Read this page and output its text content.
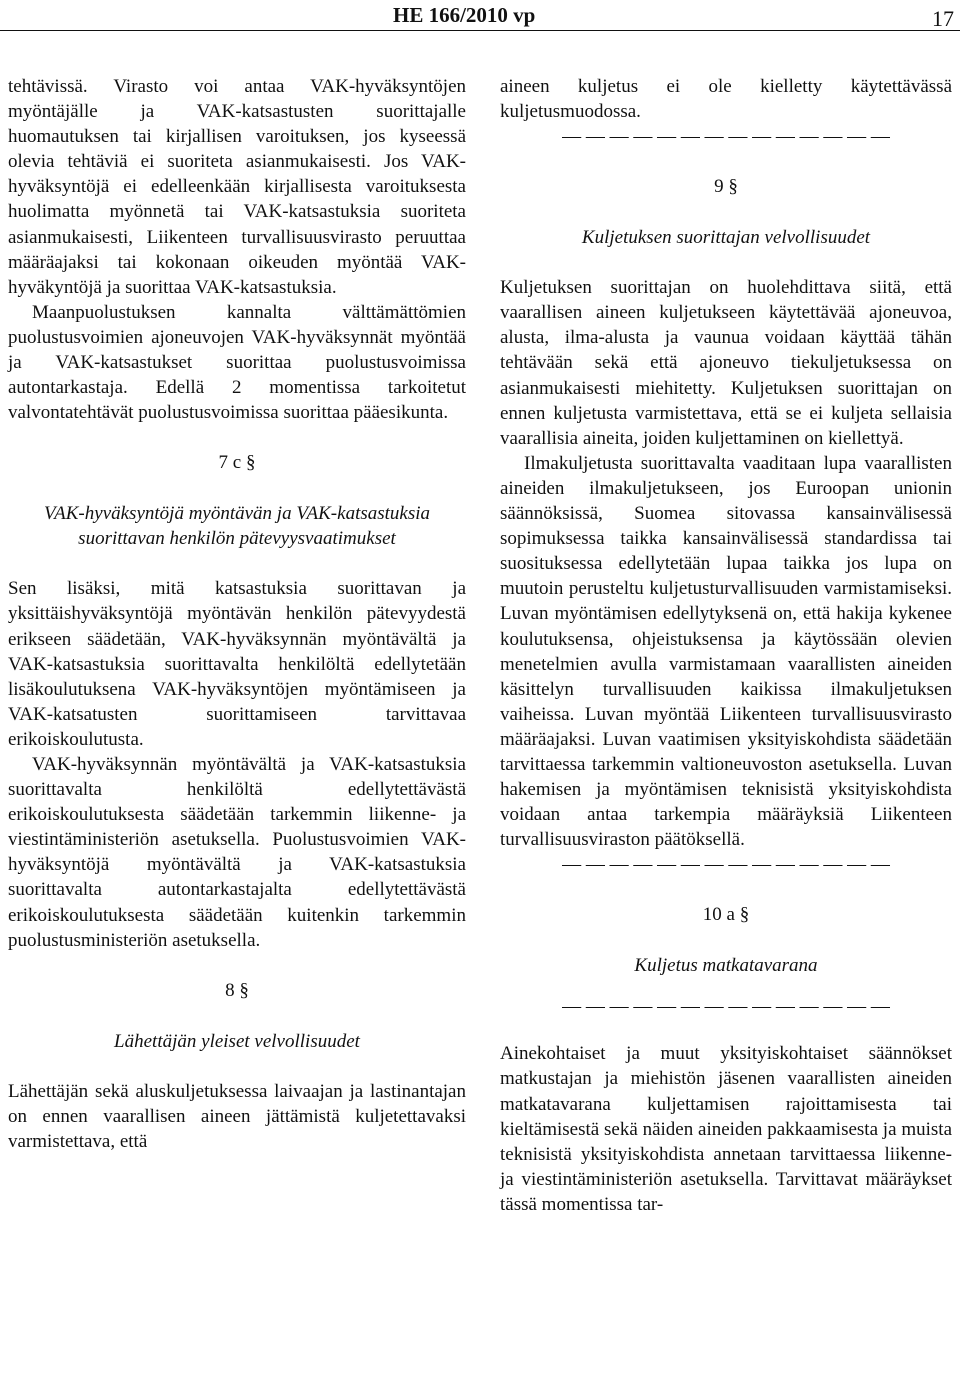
HE 166/2010 vp	17

tehtävissä. Virasto voi antaa VAK-hyväksyntöjen myöntäjälle ja VAK-katsastusten suorittajalle huomautuksen tai kirjallisen varoituksen, jos kyseessä olevia tehtäviä ei suoriteta asianmukaisesti. Jos VAK-hyväksyntöjä ei edelleenkään kirjallisesta varoituksesta huolimatta myönnetä tai VAK-katsastuksia suoriteta asianmukaisesti, Liikenteen turvallisuusvirasto peruuttaa määräajaksi tai kokonaan oikeuden myöntää VAK-hyväkyntöjä ja suorittaa VAK-katsastuksia.

Maanpuolustuksen kannalta välttämättömien puolustusvoimien ajoneuvojen VAK-hyväksynnät myöntää ja VAK-katsastukset suorittaa puolustusvoimissa autontarkastaja. Edellä 2 momentissa tarkoitetut valvontatehtävät puolustusvoimissa suorittaa pääesikunta.

7 c §

VAK-hyväksyntöjä myöntävän ja VAK-katsastuksia suorittavan henkilön pätevyysvaatimukset

Sen lisäksi, mitä katsastuksia suorittavan ja yksittäishyväksyntöjä myöntävän henkilön pätevyydestä erikseen säädetään, VAK-hyväksynnän myöntävältä ja VAK-katsastuksia suorittavalta henkilöltä edellytetään lisäkoulutuksena VAK-hyväksyntöjen myöntämiseen ja VAK-katsatusten suorittamiseen tarvittavaa erikoiskoulutusta.

VAK-hyväksynnän myöntävältä ja VAK-katsastuksia suorittavalta henkilöltä edellytettävästä erikoiskoulutuksesta säädetään tarkemmin liikenne- ja viestintäministeriön asetuksella. Puolustusvoimien VAK-hyväksyntöjä myöntävältä ja VAK-katsastuksia suorittavalta autontarkastajalta edellytettävästä erikoiskoulutuksesta säädetään kuitenkin tarkemmin puolustusministeriön asetuksella.

8 §

Lähettäjän yleiset velvollisuudet

Lähettäjän sekä aluskuljetuksessa laivaajan ja lastinantajan on ennen vaarallisen aineen jättämistä kuljetettavaksi varmistettava, että

aineen kuljetus ei ole kielletty käytettävässä kuljetusmuodossa.

— — — — — — — — — — — — — —

9 §

Kuljetuksen suorittajan velvollisuudet

Kuljetuksen suorittajan on huolehdittava siitä, että vaarallisen aineen kuljetukseen käytettävää ajoneuvoa, alusta, ilma-alusta ja vaunua voidaan käyttää tähän tehtävään sekä että ajoneuvo tiekuljetuksessa on asianmukaisesti miehitetty. Kuljetuksen suorittajan on ennen kuljetusta varmistettava, että se ei kuljeta sellaisia vaarallisia aineita, joiden kuljettaminen on kiellettyä.

Ilmakuljetusta suorittavalta vaaditaan lupa vaarallisten aineiden ilmakuljetukseen, jos Euroopan unionin säännöksissä, Suomea sitovassa kansainvälisessä sopimuksessa taikka kansainvälisessä standardissa tai suosituksessa edellytetään lupaa taikka jos lupa on muutoin perusteltu kuljetusturvallisuuden varmistamiseksi. Luvan myöntämisen edellytyksenä on, että hakija kykenee koulutuksensa, ohjeistuksensa ja käytössään olevien menetelmien avulla varmistamaan vaarallisten aineiden käsittelyn turvallisuuden kaikissa ilmakuljetuksen vaiheissa. Luvan myöntää Liikenteen turvallisuusvirasto määräajaksi. Luvan vaatimisen yksityiskohdista säädetään tarvittaessa tarkemmin valtioneuvoston asetuksella. Luvan hakemisen ja myöntämisen teknisistä yksityiskohdista voidaan antaa tarkempia määräyksiä Liikenteen turvallisuusviraston päätöksellä.

— — — — — — — — — — — — — —

10 a §

Kuljetus matkatavarana

— — — — — — — — — — — — — —

Ainekohtaiset ja muut yksityiskohtaiset säännökset matkustajan ja miehistön jäsenen vaarallisten aineiden matkatavarana kuljettamisen rajoittamisesta tai kieltämisestä sekä näiden aineiden pakkaamisesta ja muista teknisistä yksityiskohdista annetaan tarvittaessa liikenne- ja viestintäministeriön asetuksella. Tarvittavat määräykset tässä momentissa tar-
